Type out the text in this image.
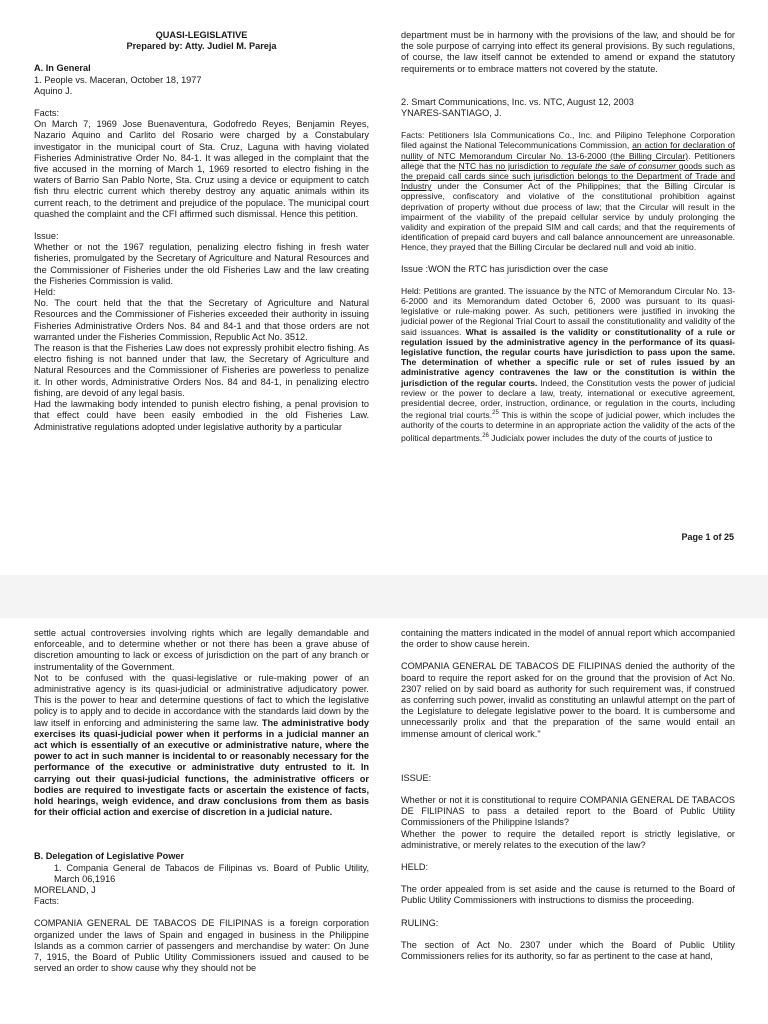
QUASI-LEGISLATIVE

Prepared by: Atty. Judiel M. Pareja

A. In General

1. People vs. Maceran, October 18, 1977

Aquino J.

Facts:

On March 7, 1969 Jose Buenaventura, Godofredo Reyes, Benjamin Reyes, Nazario Aquino and Carlito del Rosario were charged by a Constabulary investigator in the municipal court of Sta. Cruz, Laguna with having violated Fisheries Administrative Order No. 84-1. It was alleged in the complaint that the five accused in the morning of March 1, 1969 resorted to electro fishing in the waters of Barrio San Pablo Norte, Sta. Cruz using a device or equipment to catch fish thru electric current which thereby destroy any aquatic animals within its current reach, to the detriment and prejudice of the populace. The municipal court quashed the complaint and the CFI affirmed such dismissal. Hence this petition.

Issue:

Whether or not the 1967 regulation, penalizing electro fishing in fresh water fisheries, promulgated by the Secretary of Agriculture and Natural Resources and the Commissioner of Fisheries under the old Fisheries Law and the law creating the Fisheries Commission is valid.

Held:

No. The court held that the that the Secretary of Agriculture and Natural Resources and the Commissioner of Fisheries exceeded their authority in issuing Fisheries Administrative Orders Nos. 84 and 84-1 and that those orders are not warranted under the Fisheries Commission, Republic Act No. 3512.

The reason is that the Fisheries Law does not expressly prohibit electro fishing. As electro fishing is not banned under that law, the Secretary of Agriculture and Natural Resources and the Commissioner of Fisheries are powerless to penalize it. In other words, Administrative Orders Nos. 84 and 84-1, in penalizing electro fishing, are devoid of any legal basis.

Had the lawmaking body intended to punish electro fishing, a penal provision to that effect could have been easily embodied in the old Fisheries Law. Administrative regulations adopted under legislative authority by a particular

department must be in harmony with the provisions of the law, and should be for the sole purpose of carrying into effect its general provisions. By such regulations, of course, the law itself cannot be extended to amend or expand the statutory requirements or to embrace matters not covered by the statute.

2. Smart Communications, Inc. vs. NTC, August 12, 2003

YNARES-SANTIAGO, J.

Facts: Petitioners Isla Communications Co., Inc. and Pilipino Telephone Corporation filed against the National Telecommunications Commission, an action for declaration of nullity of NTC Memorandum Circular No. 13-6-2000 (the Billing Circular). Petitioners allege that the NTC has no jurisdiction to regulate the sale of consumer goods such as the prepaid call cards since such jurisdiction belongs to the Department of Trade and Industry under the Consumer Act of the Philippines; that the Billing Circular is oppressive, confiscatory and violative of the constitutional prohibition against deprivation of property without due process of law; that the Circular will result in the impairment of the viability of the prepaid cellular service by unduly prolonging the validity and expiration of the prepaid SIM and call cards; and that the requirements of identification of prepaid card buyers and call balance announcement are unreasonable. Hence, they prayed that the Billing Circular be declared null and void ab initio.

Issue :WON the RTC has jurisdiction over the case

Held: Petitions are granted. The issuance by the NTC of Memorandum Circular No. 13-6-2000 and its Memorandum dated October 6, 2000 was pursuant to its quasi-legislative or rule-making power. As such, petitioners were justified in invoking the judicial power of the Regional Trial Court to assail the constitutionality and validity of the said issuances. What is assailed is the validity or constitutionality of a rule or regulation issued by the administrative agency in the performance of its quasi-legislative function, the regular courts have jurisdiction to pass upon the same. The determination of whether a specific rule or set of rules issued by an administrative agency contravenes the law or the constitution is within the jurisdiction of the regular courts. Indeed, the Constitution vests the power of judicial review or the power to declare a law, treaty, international or executive agreement, presidential decree, order, instruction, ordinance, or regulation in the courts, including the regional trial courts.$^{25}$ This is within the scope of judicial power, which includes the authority of the courts to determine in an appropriate action the validity of the acts of the political departments.$^{26}$ Judicialx power includes the duty of the courts of justice to

Page 1 of 25

settle actual controversies involving rights which are legally demandable and enforceable, and to determine whether or not there has been a grave abuse of discretion amounting to lack or excess of jurisdiction on the part of any branch or instrumentality of the Government.

Not to be confused with the quasi-legislative or rule-making power of an administrative agency is its quasi-judicial or administrative adjudicatory power. This is the power to hear and determine questions of fact to which the legislative policy is to apply and to decide in accordance with the standards laid down by the law itself in enforcing and administering the same law. The administrative body exercises its quasi-judicial power when it performs in a judicial manner an act which is essentially of an executive or administrative nature, where the power to act in such manner is incidental to or reasonably necessary for the performance of the executive or administrative duty entrusted to it. In carrying out their quasi-judicial functions, the administrative officers or bodies are required to investigate facts or ascertain the existence of facts, hold hearings, weigh evidence, and draw conclusions from them as basis for their official action and exercise of discretion in a judicial nature.

B. Delegation of Legislative Power

1. Compania General de Tabacos de Filipinas vs. Board of Public Utility, March 06,1916

MORELAND, J

Facts:

COMPANIA GENERAL DE TABACOS DE FILIPINAS is a foreign corporation organized under the laws of Spain and engaged in business in the Philippine Islands as a common carrier of passengers and merchandise by water: On June 7, 1915, the Board of Public Utility Commissioners issued and caused to be served an order to show cause why they should not be

containing the matters indicated in the model of annual report which accompanied the order to show cause herein.

COMPANIA GENERAL DE TABACOS DE FILIPINAS denied the authority of the board to require the report asked for on the ground that the provision of Act No. 2307 relied on by said board as authority for such requirement was, if construed as conferring such power, invalid as constituting an unlawful attempt on the part of the Legislature to delegate legislative power to the board. It is cumbersome and unnecessarily prolix and that the preparation of the same would entail an immense amount of clerical work."

ISSUE:

Whether or not it is constitutional to require COMPANIA GENERAL DE TABACOS DE FILIPINAS to pass a detailed report to the Board of Public Utility Commissioners of the Philippine Islands?

Whether the power to require the detailed report is strictly legislative, or administrative, or merely relates to the execution of the law?

HELD:

The order appealed from is set aside and the cause is returned to the Board of Public Utility Commissioners with instructions to dismiss the proceeding.

RULING:

The section of Act No. 2307 under which the Board of Public Utility Commissioners relies for its authority, so far as pertinent to the case at hand,
